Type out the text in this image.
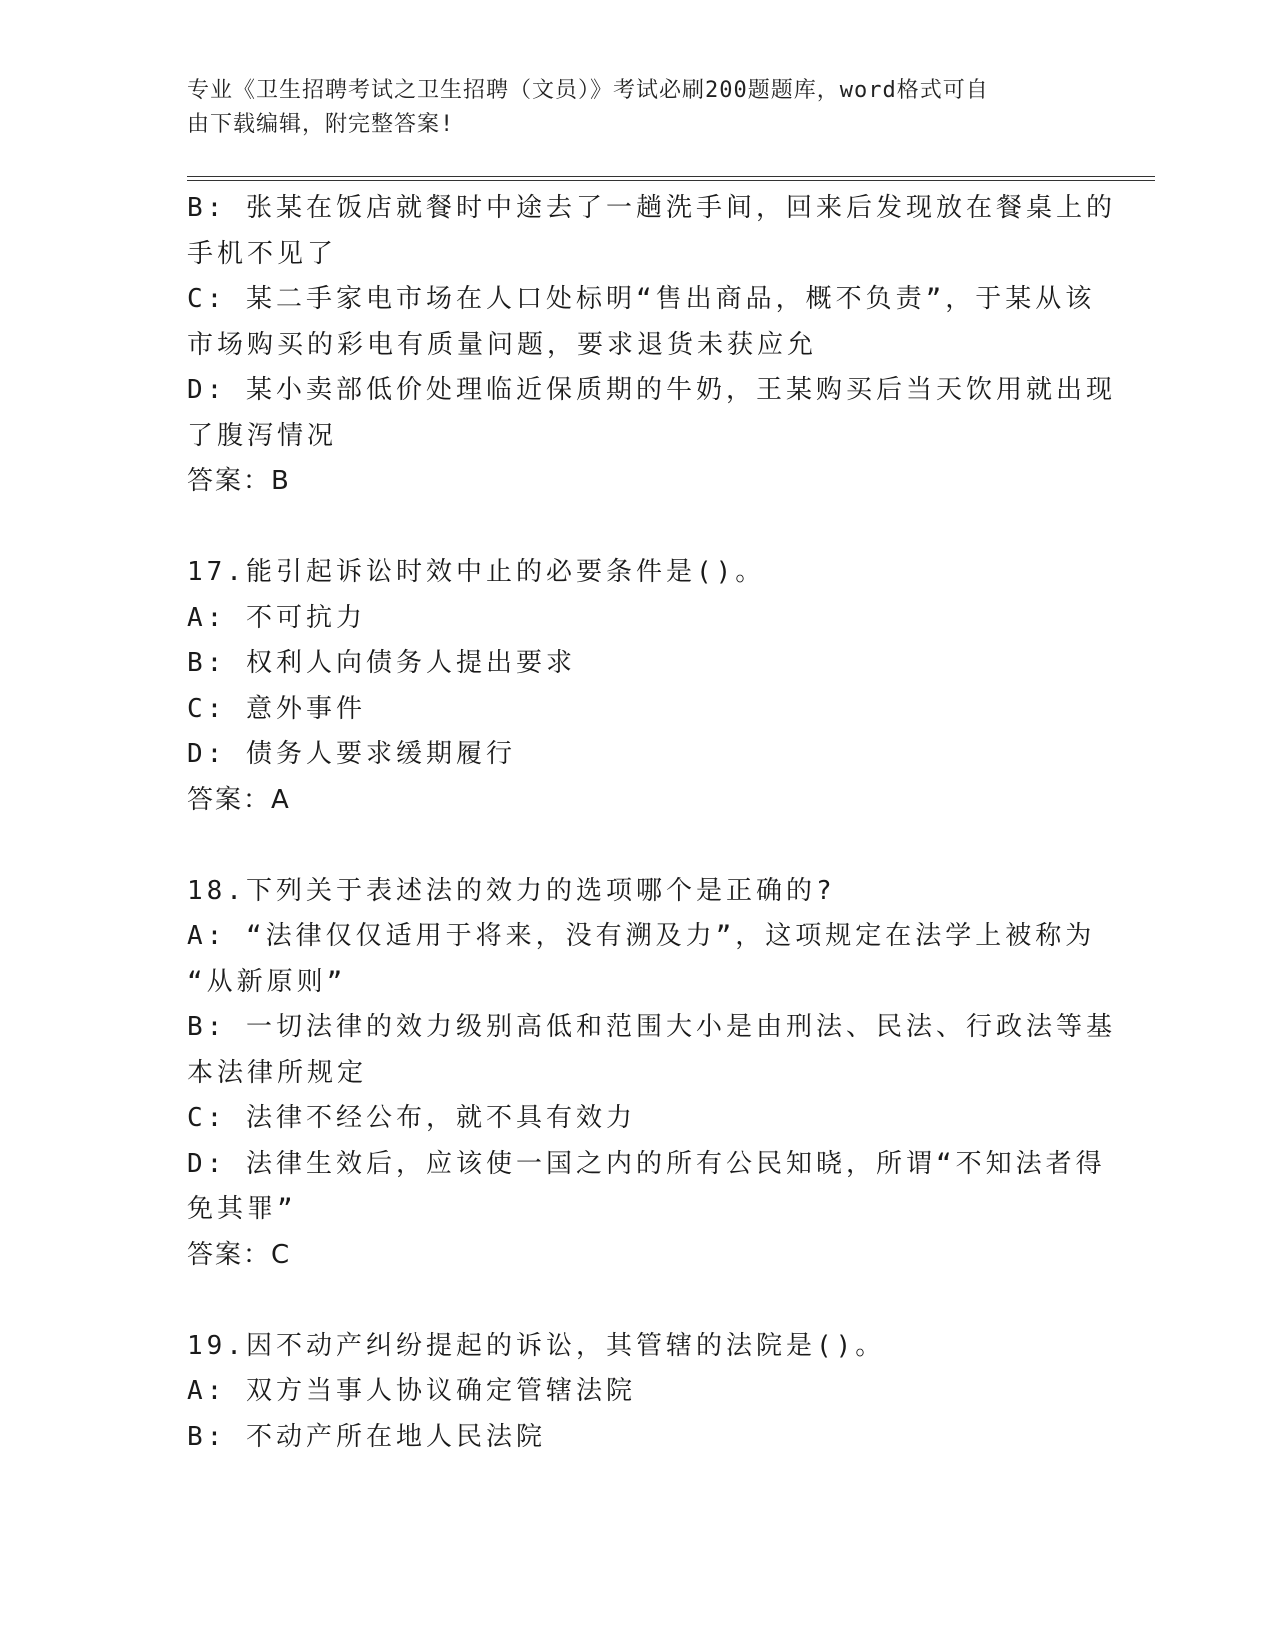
专业《卫生招聘考试之卫生招聘（文员）》考试必刷200题题库，word格式可自
由下载编辑，附完整答案!
B: 张某在饭店就餐时中途去了一趟洗手间，回来后发现放在餐桌上的
手机不见了
C: 某二手家电市场在人口处标明“售出商品，概不负责”，于某从该
市场购买的彩电有质量问题，要求退货未获应允
D: 某小卖部低价处理临近保质期的牛奶，王某购买后当天饮用就出现
了腹泻情况
答案：B
17.能引起诉讼时效中止的必要条件是()。
A: 不可抗力
B: 权利人向债务人提出要求
C: 意外事件
D: 债务人要求缓期履行
答案：A
18.下列关于表述法的效力的选项哪个是正确的?
A: “法律仅仅适用于将来，没有溯及力”，这项规定在法学上被称为
“从新原则”
B: 一切法律的效力级别高低和范围大小是由刑法、民法、行政法等基
本法律所规定
C: 法律不经公布，就不具有效力
D: 法律生效后，应该使一国之内的所有公民知晓，所谓“不知法者得
免其罪”
答案：C
19.因不动产纠纷提起的诉讼，其管辖的法院是()。
A: 双方当事人协议确定管辖法院
B: 不动产所在地人民法院
